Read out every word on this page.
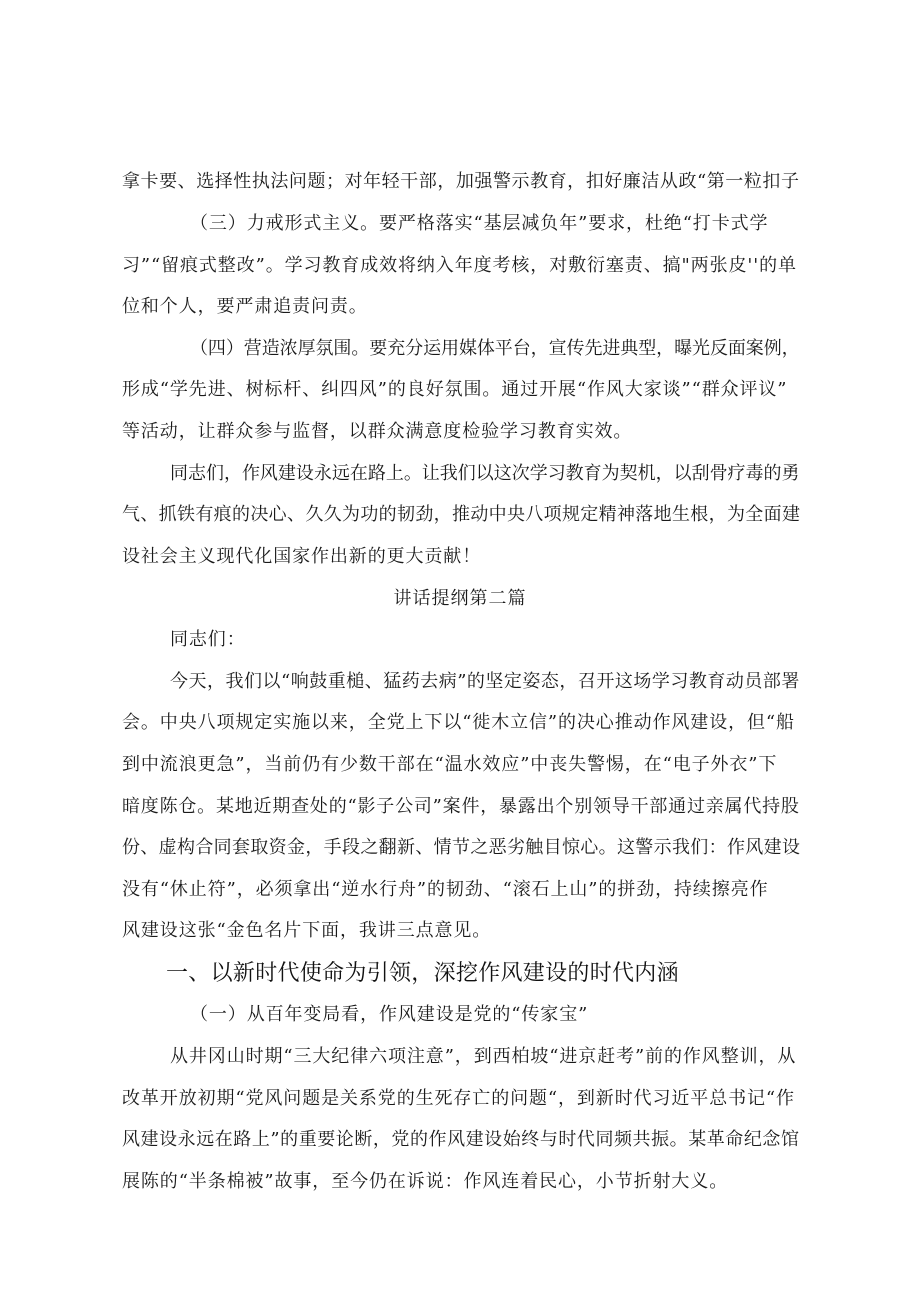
拿卡要、选择性执法问题；对年轻干部，加强警示教育，扣好廉洁从政“第一粒扣子
（三）力戒形式主义。要严格落实“基层减负年”要求，杜绝“打卡式学
习”“留痕式整改”。学习教育成效将纳入年度考核，对敷衍塞责、搞"两张皮''的单
位和个人，要严肃追责问责。
（四）营造浓厚氛围。要充分运用媒体平台，宣传先进典型，曝光反面案例，
形成“学先进、树标杆、纠四风”的良好氛围。通过开展“作风大家谈”“群众评议”
等活动，让群众参与监督，以群众满意度检验学习教育实效。
同志们，作风建设永远在路上。让我们以这次学习教育为契机，以刮骨疗毒的勇
气、抓铁有痕的决心、久久为功的韧劲，推动中央八项规定精神落地生根，为全面建
设社会主义现代化国家作出新的更大贡献！
讲话提纲第二篇
同志们：
今天，我们以“响鼓重槌、猛药去病”的坚定姿态，召开这场学习教育动员部署
会。中央八项规定实施以来，全党上下以“徙木立信”的决心推动作风建设，但“船
到中流浪更急”，当前仍有少数干部在“温水效应”中丧失警惕，在“电子外衣”下
暗度陈仓。某地近期查处的“影子公司”案件，暴露出个别领导干部通过亲属代持股
份、虚构合同套取资金，手段之翻新、情节之恶劣触目惊心。这警示我们：作风建设
没有“休止符”，必须拿出“逆水行舟”的韧劲、“滚石上山”的拼劲，持续擦亮作
风建设这张“金色名片下面，我讲三点意见。
一、以新时代使命为引领，深挖作风建设的时代内涵
（一）从百年变局看，作风建设是党的“传家宝”
从井冈山时期“三大纪律六项注意”，到西柏坡“进京赶考”前的作风整训，从
改革开放初期“党风问题是关系党的生死存亡的问题“，到新时代习近平总书记“作
风建设永远在路上”的重要论断，党的作风建设始终与时代同频共振。某革命纪念馆
展陈的“半条棉被”故事，至今仍在诉说：作风连着民心，小节折射大义。
